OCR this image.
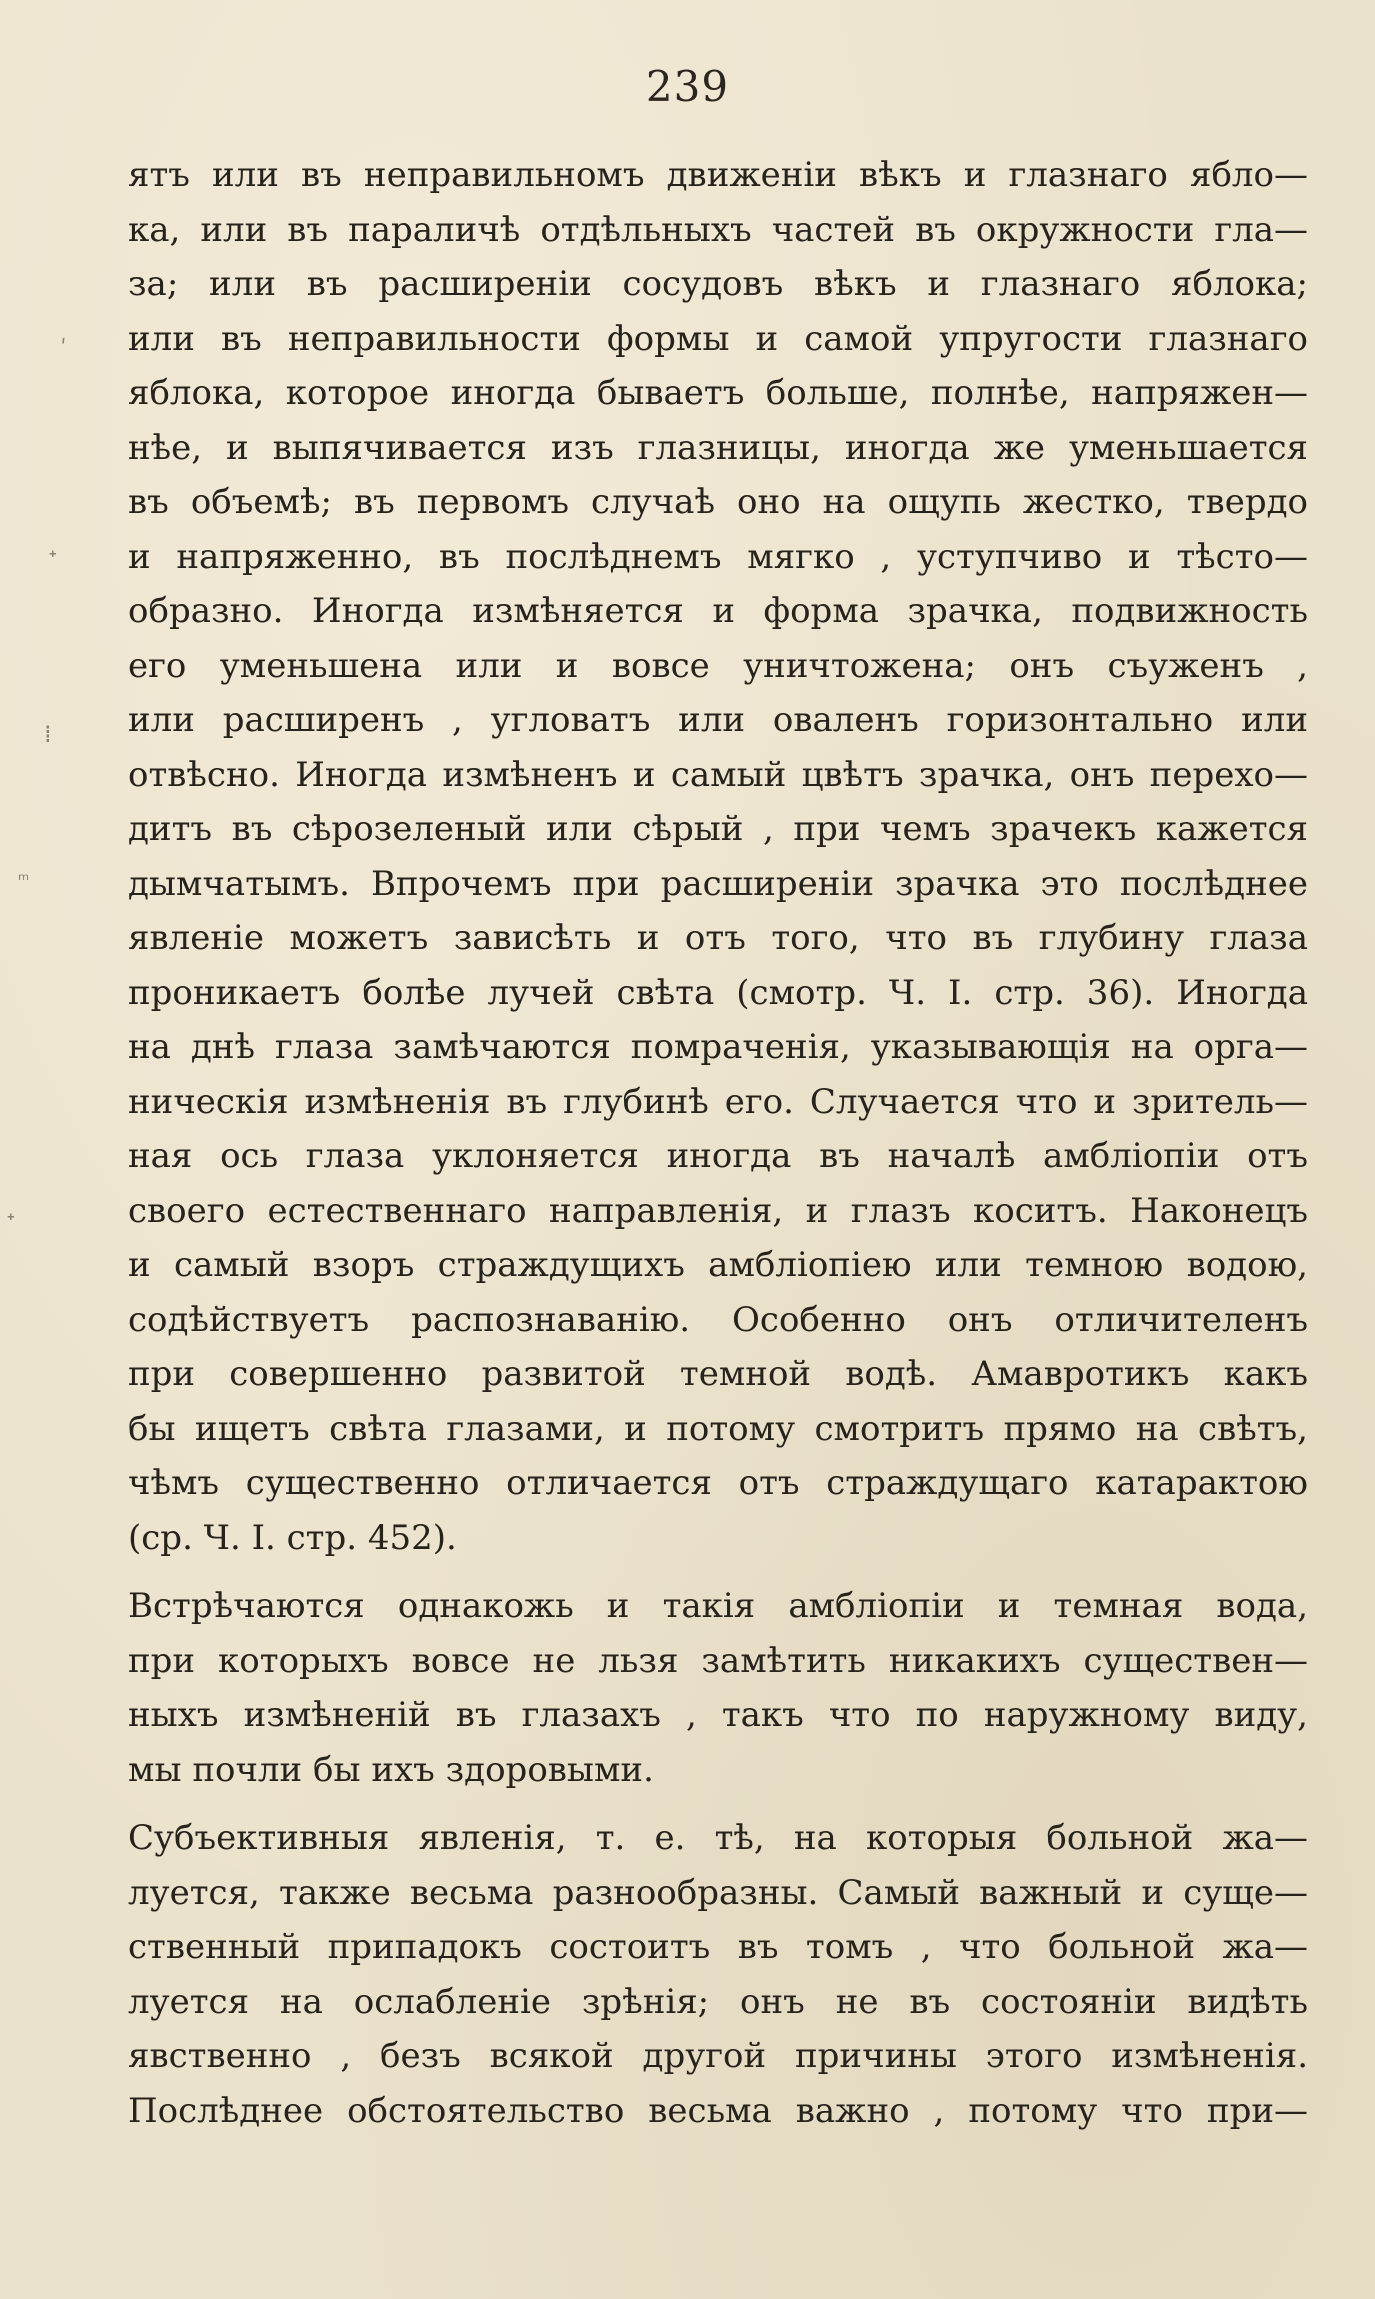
239
ˏ
ᐩ
⁞
ᵐ
ᐩ
ятъ или въ неправильномъ движеніи вѣкъ и глазнаго ябло—
ка, или въ параличѣ отдѣльныхъ частей въ окружности гла—
за; или въ расширеніи сосудовъ вѣкъ и глазнаго яблока;
или въ неправильности формы и самой упругости глазнаго
яблока, которое иногда бываетъ больше, полнѣе, напряжен—
нѣе, и выпячивается изъ глазницы, иногда же уменьшается
въ объемѣ; въ первомъ случаѣ оно на ощупь жестко, твердо
и напряженно, въ послѣднемъ мягко , уступчиво и тѣсто—
образно. Иногда измѣняется и форма зрачка, подвижность
его уменьшена или и вовсе уничтожена; онъ съуженъ ,
или расширенъ , угловатъ или оваленъ горизонтально или
отвѣсно. Иногда измѣненъ и самый цвѣтъ зрачка, онъ перехо—
дитъ въ сѣрозеленый или сѣрый , при чемъ зрачекъ кажется
дымчатымъ. Впрочемъ при расширеніи зрачка это послѣднее
явленіе можетъ зависѣть и отъ того, что въ глубину глаза
проникаетъ болѣе лучей свѣта (смотр. Ч. I. стр. 36). Иногда
на днѣ глаза замѣчаются помраченія, указывающія на орга—
ническія измѣненія въ глубинѣ его. Случается что и зритель—
ная ось глаза уклоняется иногда въ началѣ амбліопіи отъ
своего естественнаго направленія, и глазъ коситъ. Наконецъ
и самый взоръ страждущихъ амбліопіею или темною водою,
содѣйствуетъ распознаванію. Особенно онъ отличителенъ
при совершенно развитой темной водѣ. Амавротикъ какъ
бы ищетъ свѣта глазами, и потому смотритъ прямо на свѣтъ,
чѣмъ существенно отличается отъ страждущаго катарактою
(ср. Ч. I. стр. 452).
Встрѣчаются однакожь и такія амбліопіи и темная вода,
при которыхъ вовсе не льзя замѣтить никакихъ существен—
ныхъ измѣненій въ глазахъ , такъ что по наружному виду,
мы почли бы ихъ здоровыми.
Субъективныя явленія, т. е. тѣ, на которыя больной жа—
луется, также весьма разнообразны. Самый важный и суще—
ственный припадокъ состоитъ въ томъ , что больной жа—
луется на ослабленіе зрѣнія; онъ не въ состояніи видѣть
явственно , безъ всякой другой причины этого измѣненія.
Послѣднее обстоятельство весьма важно , потому что при—
